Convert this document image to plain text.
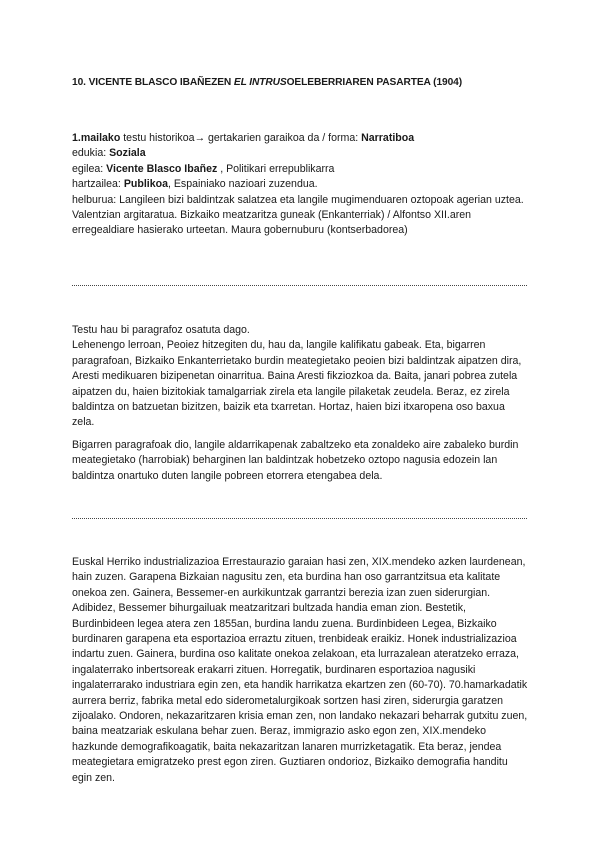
10. VICENTE BLASCO IBAÑEZEN EL INTRUSOELEBERRIAREN PASARTEA (1904)

1.mailako testu historikoa→ gertakarien garaikoa da / forma: Narratiboa

edukia: Soziala

egilea: Vicente Blasco Ibañez , Politikari errepublikarra

hartzailea: Publikoa, Espainiako nazioari zuzendua.

helburua: Langileen bizi baldintzak salatzea eta langile mugimenduaren oztopoak agerian uztea.

Valentzian argitaratua. Bizkaiko meatzaritza guneak (Enkanterriak) / Alfontso XII.aren erregealdiare hasierako urteetan. Maura gobernuburu (kontserbadorea)

Testu hau bi paragrafoz osatuta dago.

Lehenengo lerroan, Peoiez hitzegiten du, hau da, langile kalifikatu gabeak. Eta, bigarren paragrafoan, Bizkaiko Enkanterrietako burdin meategietako peoien bizi baldintzak aipatzen dira, Aresti medikuaren bizipenetan oinarritua. Baina Aresti fikziozkoa da. Baita, janari pobrea zutela aipatzen du, haien bizitokiak tamalgarriak zirela eta langile pilaketak zeudela. Beraz, ez zirela baldintza on batzuetan bizitzen, baizik eta txarretan. Hortaz, haien bizi itxaropena oso baxua zela.

Bigarren paragrafoak dio, langile aldarrikapenak zabaltzeko eta zonaldeko aire zabaleko burdin meategietako (harrobiak) beharginen lan baldintzak hobetzeko oztopo nagusia edozein lan baldintza onartuko duten langile pobreen etorrera etengabea dela.

Euskal Herriko industrializazioa Errestaurazio garaian hasi zen, XIX.mendeko azken laurdenean, hain zuzen. Garapena Bizkaian nagusitu zen, eta burdina han oso garrantzitsua eta kalitate onekoa zen. Gainera, Bessemer-en aurkikuntzak garrantzi berezia izan zuen siderurgian. Adibidez, Bessemer bihurgailuak meatzaritzari bultzada handia eman zion. Bestetik, Burdinbideen legea atera zen 1855an, burdina landu zuena. Burdinbideen Legea, Bizkaiko burdinaren garapena eta esportazioa erraztu zituen, trenbideak eraikiz. Honek industrializazioa indartu zuen. Gainera, burdina oso kalitate onekoa zelakoan, eta lurrazalean ateratzeko erraza, ingalaterrako inbertsoreak erakarri zituen. Horregatik, burdinaren esportazioa nagusiki ingalaterrarako industriara egin zen, eta handik harrikatza ekartzen zen (60-70). 70.hamarkadatik aurrera berriz, fabrika metal edo siderometalurgikoak sortzen hasi ziren, siderurgia garatzen zijoalako. Ondoren, nekazaritzaren krisia eman zen, non landako nekazari beharrak gutxitu zuen, baina meatzariak eskulana behar zuen. Beraz, immigrazio asko egon zen, XIX.mendeko hazkunde demografikoagatik, baita nekazaritzan lanaren murrizketagatik. Eta beraz, jendea meategietara emigratzeko prest egon ziren. Guztiaren ondorioz, Bizkaiko demografia handitu egin zen.
